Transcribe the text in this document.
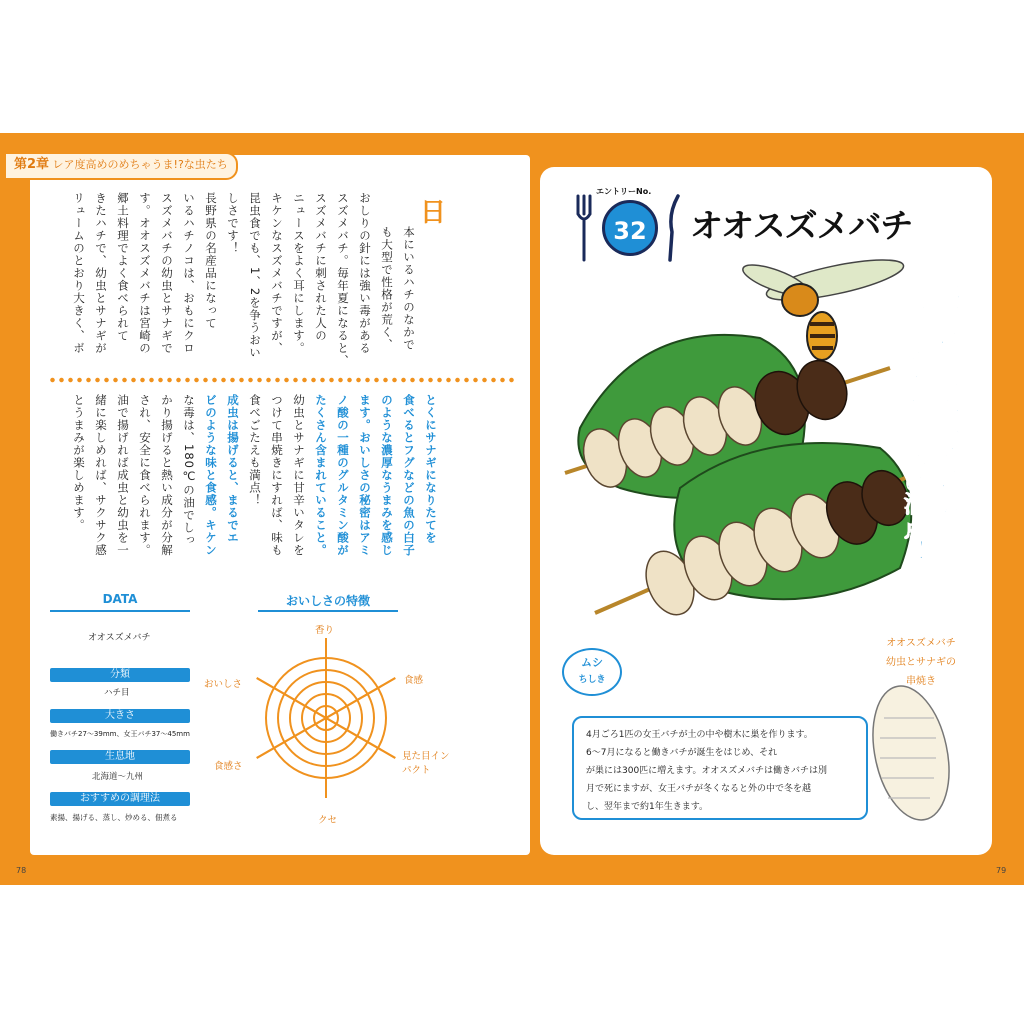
第2章 レア度高めのめちゃうま!?な虫たち
日
本にいるハチのなかで
も大型で性格が荒く、
おしりの針には強い毒がある
スズメバチ。毎年夏になると、
スズメバチに刺された人の
ニュースをよく耳にします。
キケンなスズメバチですが、
昆虫食でも、1、2を争うおい
しさです！
長野県の名産品になって
いるハチノコは、おもにクロ
スズメバチの幼虫とサナギで
す。オオスズメバチは宮崎の
郷土料理でよく食べられて
きたハチで、幼虫とサナギが
リュームのとおり大きく、ボ
とくにサナギになりたてを
食べるとフグなどの魚の白子
のような濃厚なうまみを感じ
ます。おいしさの秘密はアミ
ノ酸の一種のグルタミン酸が
たくさん含まれていること。
幼虫とサナギに甘辛いタレを
つけて串焼きにすれば、味も
食べごたえも満点！
成虫は揚げると、まるでエ
ビのような味と食感。キケン
な毒は、180℃の油でしっ
かり揚げると熱い成分が分解
され、安全に食べられます。
油で揚げれば成虫と幼虫を一
緒に楽しめれば、サクサク感
とうまみが楽しめます。
DATA
オオスズメバチ
分類
ハチ目
大きさ
働きバチ27～39mm、女王バチ37～45mm
生息地
北海道～九州
おすすめの調理法
素揚、揚げる、蒸し、炒める、佃煮る
おいしさの特徴
香り
食感
見た目インパクト
クセ
食感さ
おいしさ
78	79
エントリーNo.
32	オオスズメバチ
成虫は猛毒があるけれど
幼虫とサナギの味は満点！
オオスズメバチ
幼虫とサナギの
串焼き
ムシ
ちしき
4月ごろ1匹の女王バチが土の中や樹木に巣を作ります。
6～7月になると働きバチが誕生をはじめ、それ
が巣には300匹に増えます。オオスズメバチは働きバチは別
月で死にますが、女王バチが冬くなると外の中で冬を越
し、翌年まで約1年生きます。
